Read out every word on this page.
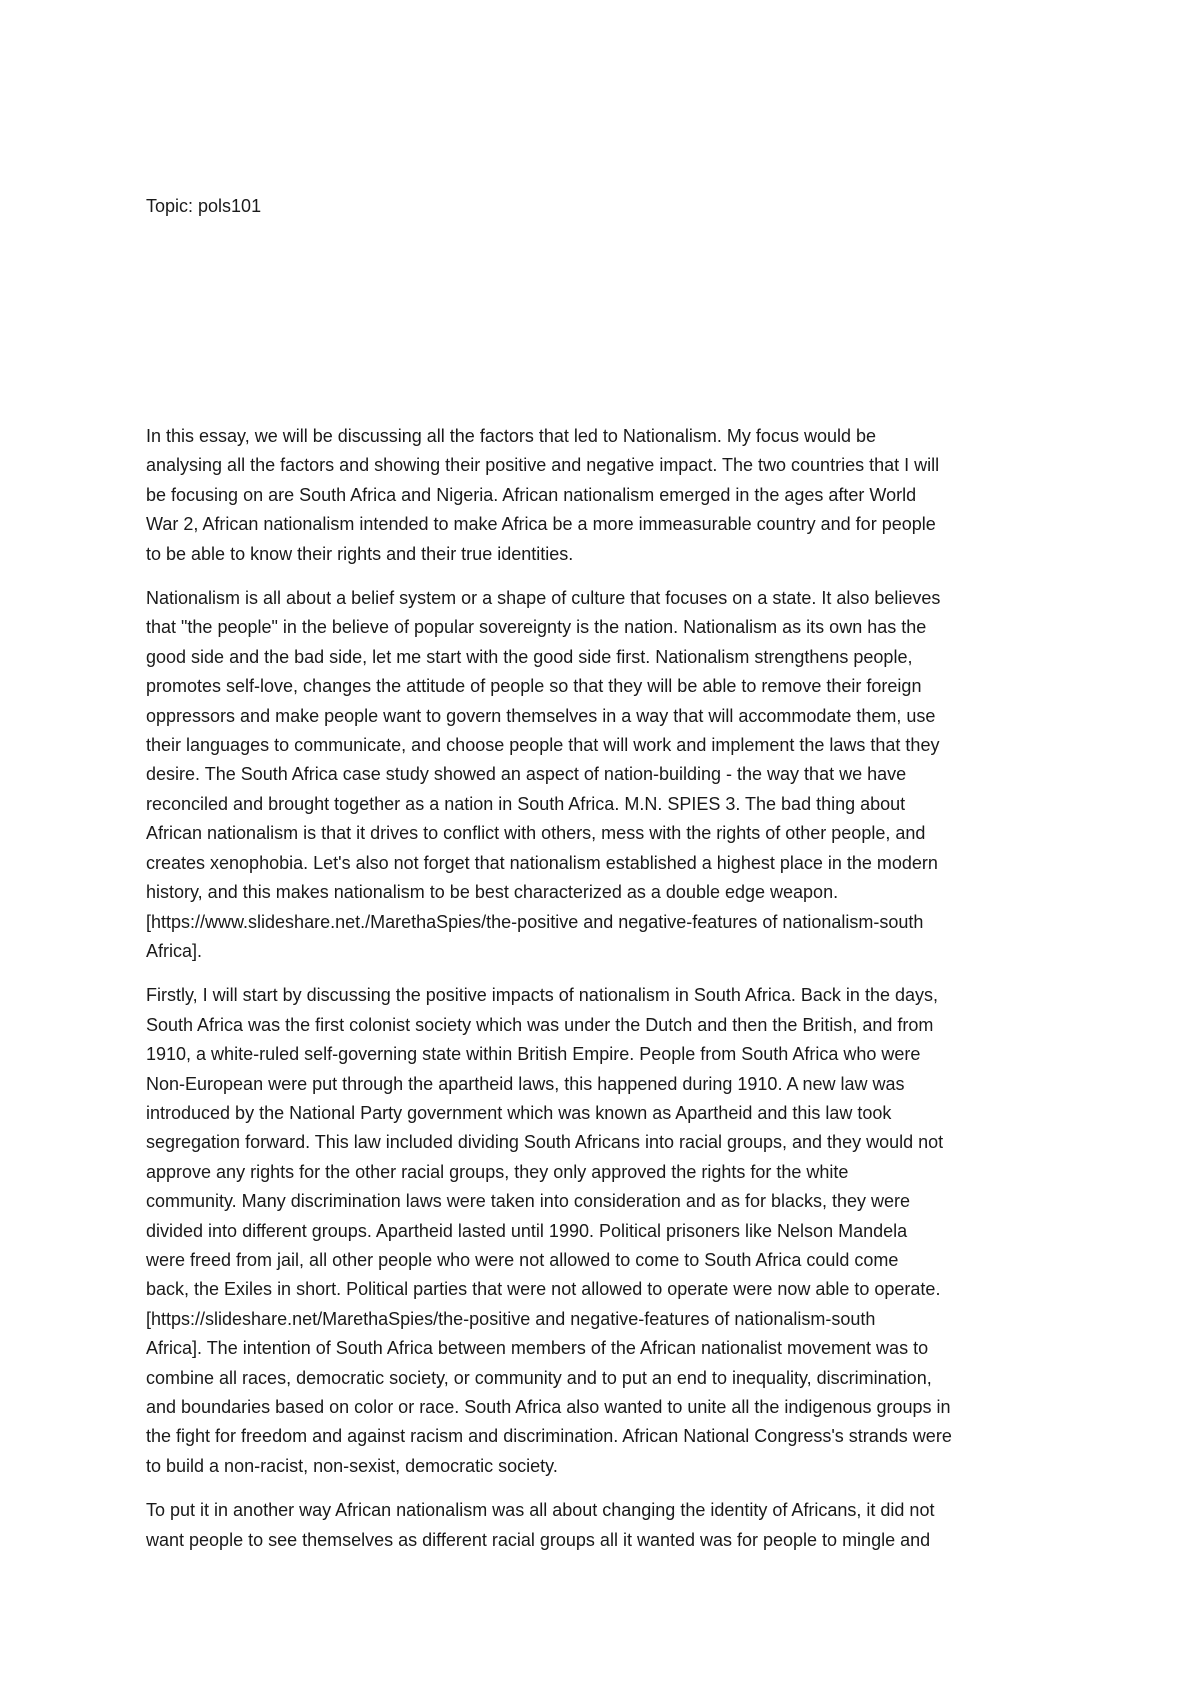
Topic: pols101

In this essay, we will be discussing all the factors that led to Nationalism. My focus would be
analysing all the factors and showing their positive and negative impact. The two countries that I will
be focusing on are South Africa and Nigeria. African nationalism emerged in the ages after World
War 2, African nationalism intended to make Africa be a more immeasurable country and for people
to be able to know their rights and their true identities.

Nationalism is all about a belief system or a shape of culture that focuses on a state. It also believes
that "the people" in the believe of popular sovereignty is the nation. Nationalism as its own has the
good side and the bad side, let me start with the good side first. Nationalism strengthens people,
promotes self-love, changes the attitude of people so that they will be able to remove their foreign
oppressors and make people want to govern themselves in a way that will accommodate them, use
their languages to communicate, and choose people that will work and implement the laws that they
desire. The South Africa case study showed an aspect of nation-building - the way that we have
reconciled and brought together as a nation in South Africa. M.N. SPIES 3. The bad thing about
African nationalism is that it drives to conflict with others, mess with the rights of other people, and
creates xenophobia. Let's also not forget that nationalism established a highest place in the modern
history, and this makes nationalism to be best characterized as a double edge weapon.
[https://www.slideshare.net./MarethaSpies/the-positive and negative-features of nationalism-south
Africa].

Firstly, I will start by discussing the positive impacts of nationalism in South Africa. Back in the days,
South Africa was the first colonist society which was under the Dutch and then the British, and from
1910, a white-ruled self-governing state within British Empire. People from South Africa who were
Non-European were put through the apartheid laws, this happened during 1910. A new law was
introduced by the National Party government which was known as Apartheid and this law took
segregation forward. This law included dividing South Africans into racial groups, and they would not
approve any rights for the other racial groups, they only approved the rights for the white
community. Many discrimination laws were taken into consideration and as for blacks, they were
divided into different groups. Apartheid lasted until 1990. Political prisoners like Nelson Mandela
were freed from jail, all other people who were not allowed to come to South Africa could come
back, the Exiles in short. Political parties that were not allowed to operate were now able to operate.
[https://slideshare.net/MarethaSpies/the-positive and negative-features of nationalism-south
Africa]. The intention of South Africa between members of the African nationalist movement was to
combine all races, democratic society, or community and to put an end to inequality, discrimination,
and boundaries based on color or race. South Africa also wanted to unite all the indigenous groups in
the fight for freedom and against racism and discrimination. African National Congress's strands were
to build a non-racist, non-sexist, democratic society.

To put it in another way African nationalism was all about changing the identity of Africans, it did not
want people to see themselves as different racial groups all it wanted was for people to mingle and
